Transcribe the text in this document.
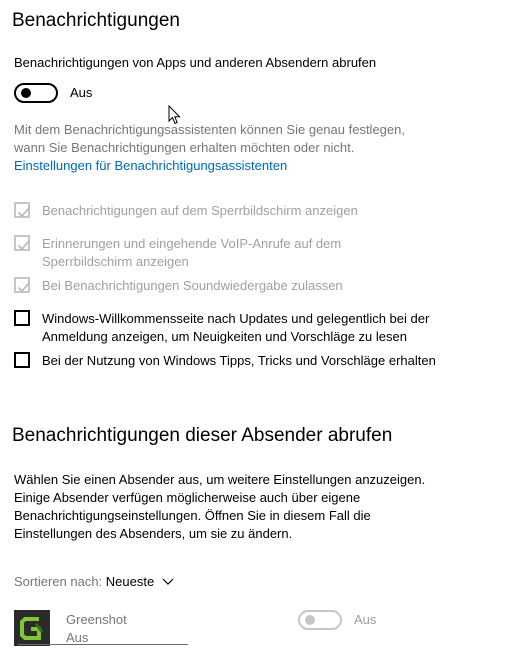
Benachrichtigungen
Benachrichtigungen von Apps und anderen Absendern abrufen
Aus
Mit dem Benachrichtigungsassistenten können Sie genau festlegen,
wann Sie Benachrichtigungen erhalten möchten oder nicht.
Einstellungen für Benachrichtigungsassistenten
Benachrichtigungen auf dem Sperrbildschirm anzeigen
Erinnerungen und eingehende VoIP-Anrufe auf dem
Sperrbildschirm anzeigen
Bei Benachrichtigungen Soundwiedergabe zulassen
Windows-Willkommensseite nach Updates und gelegentlich bei der
Anmeldung anzeigen, um Neuigkeiten und Vorschläge zu lesen
Bei der Nutzung von Windows Tipps, Tricks und Vorschläge erhalten
Benachrichtigungen dieser Absender abrufen
Wählen Sie einen Absender aus, um weitere Einstellungen anzuzeigen.
Einige Absender verfügen möglicherweise auch über eigene
Benachrichtigungseinstellungen. Öffnen Sie in diesem Fall die
Einstellungen des Absenders, um sie zu ändern.
Sortieren nach: Neueste
Greenshot
Aus
Aus
